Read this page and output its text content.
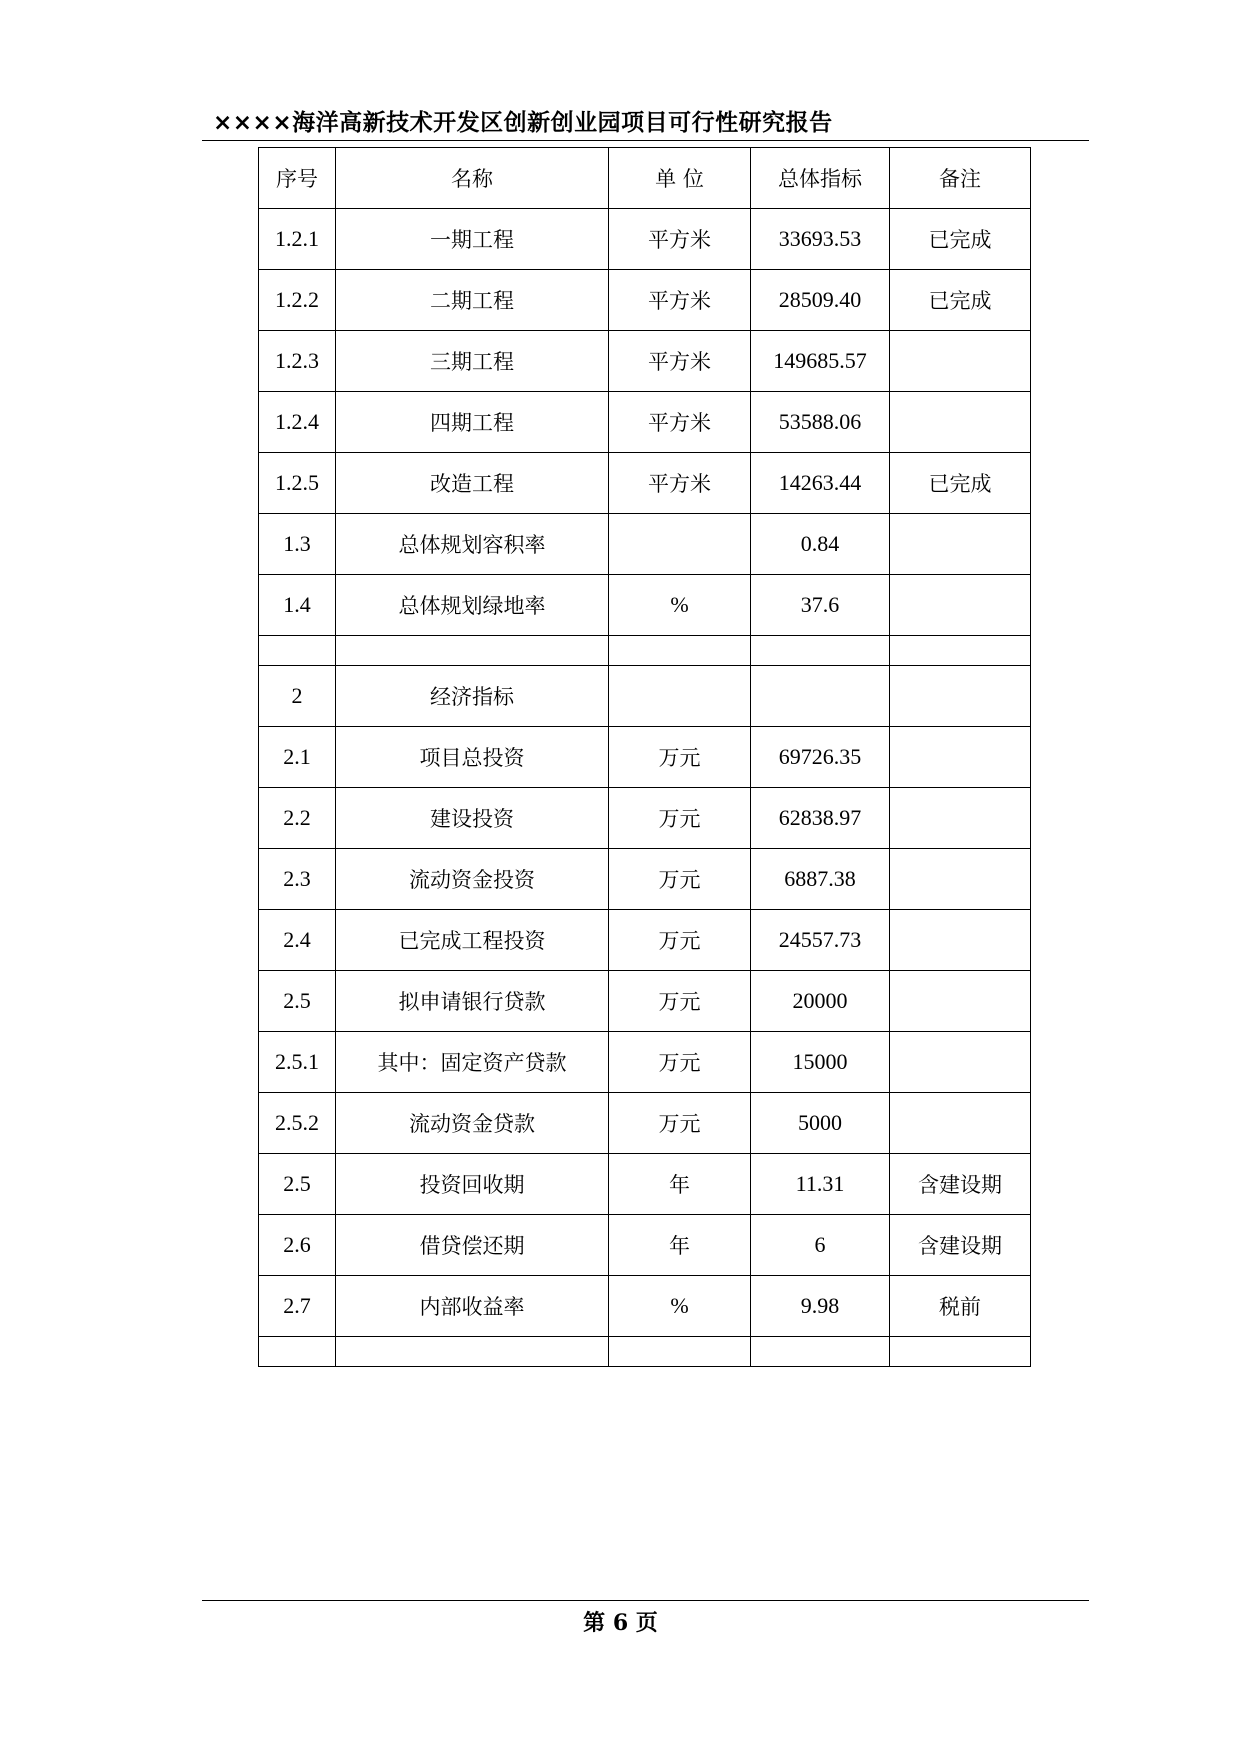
××××海洋高新技术开发区创新创业园项目可行性研究报告
序号	名称	单 位	总体指标	备注
1.2.1	一期工程	平方米	33693.53	已完成
1.2.2	二期工程	平方米	28509.40	已完成
1.2.3	三期工程	平方米	149685.57	
1.2.4	四期工程	平方米	53588.06	
1.2.5	改造工程	平方米	14263.44	已完成
1.3	总体规划容积率		0.84	
1.4	总体规划绿地率	%	37.6	

2	经济指标			
2.1	项目总投资	万元	69726.35	
2.2	建设投资	万元	62838.97	
2.3	流动资金投资	万元	6887.38	
2.4	已完成工程投资	万元	24557.73	
2.5	拟申请银行贷款	万元	20000	
2.5.1	其中：固定资产贷款	万元	15000	
2.5.2	流动资金贷款	万元	5000	
2.5	投资回收期	年	11.31	含建设期
2.6	借贷偿还期	年	6	含建设期
2.7	内部收益率	%	9.98	税前

第 6 页
